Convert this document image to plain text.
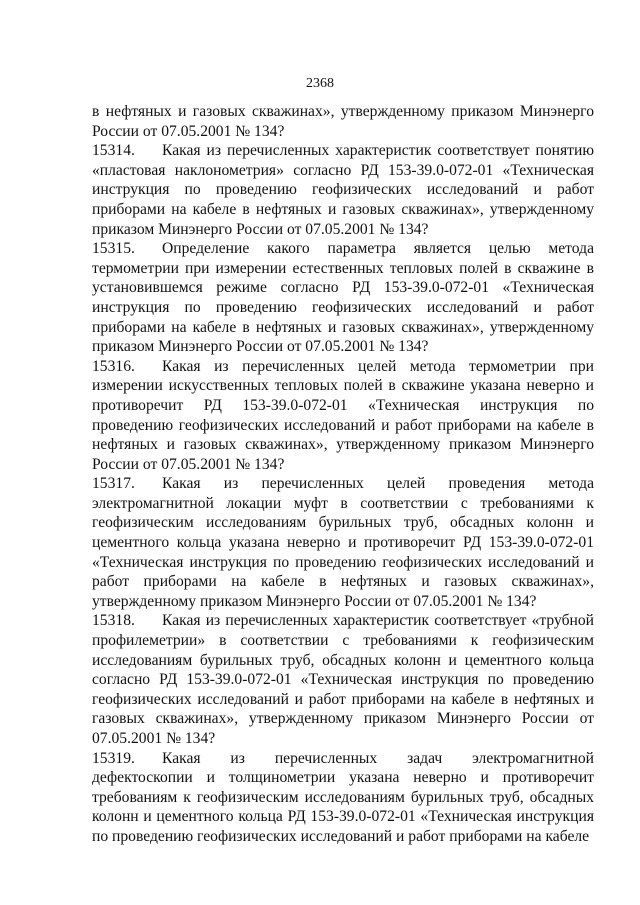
2368

в нефтяных и газовых скважинах», утвержденному приказом Минэнерго России от 07.05.2001 № 134?

15314. Какая из перечисленных характеристик соответствует понятию «пластовая наклонометрия» согласно РД 153-39.0-072-01 «Техническая инструкция по проведению геофизических исследований и работ приборами на кабеле в нефтяных и газовых скважинах», утвержденному приказом Минэнерго России от 07.05.2001 № 134?

15315. Определение какого параметра является целью метода термометрии при измерении естественных тепловых полей в скважине в установившемся режиме согласно РД 153-39.0-072-01 «Техническая инструкция по проведению геофизических исследований и работ приборами на кабеле в нефтяных и газовых скважинах», утвержденному приказом Минэнерго России от 07.05.2001 № 134?

15316. Какая из перечисленных целей метода термометрии при измерении искусственных тепловых полей в скважине указана неверно и противоречит РД 153-39.0-072-01 «Техническая инструкция по проведению геофизических исследований и работ приборами на кабеле в нефтяных и газовых скважинах», утвержденному приказом Минэнерго России от 07.05.2001 № 134?

15317. Какая из перечисленных целей проведения метода электромагнитной локации муфт в соответствии с требованиями к геофизическим исследованиям бурильных труб, обсадных колонн и цементного кольца указана неверно и противоречит РД 153-39.0-072-01 «Техническая инструкция по проведению геофизических исследований и работ приборами на кабеле в нефтяных и газовых скважинах», утвержденному приказом Минэнерго России от 07.05.2001 № 134?

15318. Какая из перечисленных характеристик соответствует «трубной профилеметрии» в соответствии с требованиями к геофизическим исследованиям бурильных труб, обсадных колонн и цементного кольца согласно РД 153-39.0-072-01 «Техническая инструкция по проведению геофизических исследований и работ приборами на кабеле в нефтяных и газовых скважинах», утвержденному приказом Минэнерго России от 07.05.2001 № 134?

15319. Какая из перечисленных задач электромагнитной дефектоскопии и толщинометрии указана неверно и противоречит требованиям к геофизическим исследованиям бурильных труб, обсадных колонн и цементного кольца РД 153-39.0-072-01 «Техническая инструкция по проведению геофизических исследований и работ приборами на кабеле
